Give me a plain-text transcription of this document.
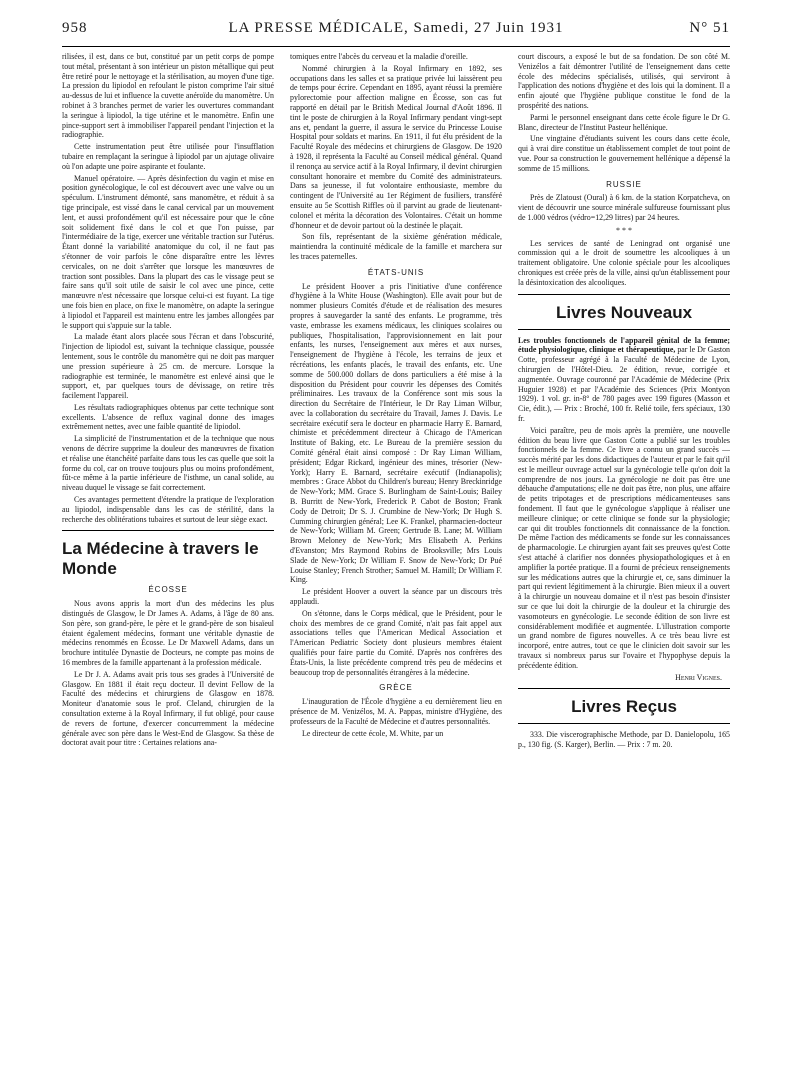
958	LA PRESSE MÉDICALE, Samedi, 27 Juin 1931	N° 51

rilisées, il est, dans ce but, constitué par un petit corps de pompe tout métal, présentant à son intérieur un piston métallique qui peut être retiré pour le nettoyage et la stérilisation, au moyen d'une tige. La pression du lipiodol en refoulant le piston comprime l'air situé au-dessus de lui et influence la cuvette anéroïde du manomètre. Un robinet à 3 branches permet de varier les ouvertures commandant la seringue à lipiodol, la tige utérine et le manomètre. Enfin une pince-support sert à immobiliser l'appareil pendant l'injection et la radiographie.

Cette instrumentation peut être utilisée pour l'insufflation tubaire en remplaçant la seringue à lipiodol par un ajutage olivaire où l'on adapte une poire aspirante et foulante.

Manuel opératoire. — Après désinfection du vagin et mise en position gynécologique, le col est découvert avec une valve ou un spéculum. L'instrument démonté, sans manomètre, et réduit à sa tige principale, est vissé dans le canal cervical par un mouvement lent, et aussi profondément qu'il est nécessaire pour que le cône soit solidement fixé dans le col et que l'on puisse, par l'intermédiaire de la tige, exercer une véritable traction sur l'utérus. Étant donné la variabilité anatomique du col, il ne faut pas s'étonner de voir parfois le cône disparaître entre les lèvres cervicales, on ne doit s'arrêter que lorsque les manœuvres de traction sont possibles. Dans la plupart des cas le vissage peut se faire sans qu'il soit utile de saisir le col avec une pince, cette manœuvre n'est nécessaire que lorsque celui-ci est fuyant. La tige une fois bien en place, on fixe le manomètre, on adapte la seringue à lipiodol et l'appareil est maintenu entre les jambes allongées par le support qui s'appuie sur la table.

La malade étant alors placée sous l'écran et dans l'obscurité, l'injection de lipiodol est, suivant la technique classique, poussée lentement, sous le contrôle du manomètre qui ne doit pas marquer une pression supérieure à 25 cm. de mercure. Lorsque la radiographie est terminée, le manomètre est enlevé ainsi que le support, et, par quelques tours de dévissage, on retire très facilement l'appareil.

Les résultats radiographiques obtenus par cette technique sont excellents. L'absence de reflux vaginal donne des images extrêmement nettes, avec une faible quantité de lipiodol.

La simplicité de l'instrumentation et de la technique que nous venons de décrire supprime la douleur des manœuvres de fixation et réalise une étanchéité parfaite dans tous les cas quelle que soit la forme du col, car on trouve toujours plus ou moins profondément, fût-ce même à la partie inférieure de l'isthme, un canal solide, au niveau duquel le vissage se fait correctement.

Ces avantages permettent d'étendre la pratique de l'exploration au lipiodol, indispensable dans les cas de stérilité, dans la recherche des oblitérations tubaires et surtout de leur siège exact.

La Médecine à travers le Monde
ÉCOSSE

Nous avons appris la mort d'un des médecins les plus distingués de Glasgow, le Dr James A. Adams, à l'âge de 80 ans. Son père, son grand-père, le père et le grand-père de son bisaïeul étaient également médecins, formant une véritable dynastie de médecins renommés en Écosse. Le Dr Maxwell Adams, dans un brochure intitulée Dynastie de Docteurs, ne compte pas moins de 16 membres de la famille appartenant à la profession médicale.

Le Dr J. A. Adams avait pris tous ses grades à l'Université de Glasgow. En 1881 il était reçu docteur. Il devint Fellow de la Faculté des médecins et chirurgiens de Glasgow en 1878. Moniteur d'anatomie sous le prof. Cleland, chirurgien de la consultation externe à la Royal Infirmary, il fut obligé, pour cause de revers de fortune, d'exercer concurremment la médecine générale avec son père dans le West-End de Glasgow. Sa thèse de doctorat avait pour titre : Certaines relations ana-

tomiques entre l'abcès du cerveau et la maladie d'oreille.

Nommé chirurgien à la Royal Infirmary en 1892, ses occupations dans les salles et sa pratique privée lui laissèrent peu de temps pour écrire. Cependant en 1895, ayant réussi la première pylorectomie pour affection maligne en Écosse, son cas fut rapporté en détail par le British Medical Journal d'Août 1896. Il tint le poste de chirurgien à la Royal Infirmary pendant vingt-sept ans et, pendant la guerre, il assura le service du Princesse Louise Hospital pour soldats et marins. En 1911, il fut élu président de la Faculté Royale des médecins et chirurgiens de Glasgow. De 1920 à 1928, il représenta la Faculté au Conseil médical général. Quand il renonça au service actif à la Royal Infirmary, il devint chirurgien consultant honoraire et membre du Comité des administrateurs. Dans sa jeunesse, il fut volontaire enthousiaste, membre du contingent de l'Université au 1er Régiment de fusiliers, transféré ensuite au 5e Scottish Riffles où il parvint au grade de lieutenant-colonel et mérita la décoration des Volontaires. C'était un homme d'honneur et de devoir partout où la destinée le plaçait.

Son fils, représentant de la sixième génération médicale, maintiendra la continuité médicale de la famille et marchera sur les traces paternelles.

ÉTATS-UNIS

Le président Hoover a pris l'initiative d'une conférence d'hygiène à la White House (Washington). Elle avait pour but de nommer plusieurs Comités d'étude et de réalisation des mesures propres à sauvegarder la santé des enfants. Le programme, très vaste, embrasse les examens médicaux, les cliniques scolaires ou publiques, l'hospitalisation, l'approvisionnement en lait pour enfants, les nurses, l'enseignement aux mères et aux nurses, l'enseignement de l'hygiène à l'école, les terrains de jeux et récréations, les enfants placés, le travail des enfants, etc. Une somme de 500.000 dollars de dons particuliers a été mise à la disposition du Président pour couvrir les dépenses des Comités préliminaires. Les travaux de la Conférence sont mis sous la direction du Secrétaire de l'Intérieur, le Dr Ray Liman Wilbur, avec la collaboration du secrétaire du Travail, James J. Davis. Le secrétaire exécutif sera le docteur en pharmacie Harry E. Barnard, chimiste et précédemment directeur à Chicago de l'American Institute of Baking, etc. Le Bureau de la première session du Comité général était ainsi composé : Dr Ray Liman William, président; Edgar Rickard, ingénieur des mines, trésorier (New-York); Harry E. Barnard, secrétaire exécutif (Indianapolis); membres : Grace Abbot du Children's bureau; Henry Breckinridge de New-York; MM. Grace S. Burlingham de Saint-Louis; Bailey B. Burritt de New-York, Frederick P. Cabot de Boston; Frank Cody de Detroit; Dr S. J. Crumbine de New-York; Dr Hugh S. Cumming chirurgien général; Lee K. Frankel, pharmacien-docteur de New-York; William M. Green; Gertrude B. Lane; M. William Brown Meloney de New-York; Mrs Elisabeth A. Perkins d'Evanston; Mrs Raymond Robins de Brooksville; Mrs Louis Slade de New-York; Dr William F. Snow de New-York; Dr Pué Louise Stanley; French Strother; Samuel M. Hamill; Dr William F. King.

Le président Hoover a ouvert la séance par un discours très applaudi.

On s'étonne, dans le Corps médical, que le Président, pour le choix des membres de ce grand Comité, n'ait pas fait appel aux associations telles que l'American Medical Association et l'American Pediatric Society dont plusieurs membres étaient qualifiés pour faire partie du Comité. D'après nos confrères des États-Unis, la liste précédente comprend très peu de médecins et beaucoup trop de personnalités étrangères à la médecine.

GRÈCE

L'inauguration de l'École d'hygiène a eu dernièrement lieu en présence de M. Venizélos, M. A. Pappas, ministre d'Hygiène, des professeurs de la Faculté de Médecine et d'autres personnalités.

Le directeur de cette école, M. White, par un

court discours, a exposé le but de sa fondation. De son côté M. Venizélos a fait démontrer l'utilité de l'enseignement dans cette école des médecins spécialisés, utilisés, qui serviront à l'application des notions d'hygiène et des lois qui la dominent. Il a enfin ajouté que l'hygiène publique constitue le fond de la prospérité des nations.

Parmi le personnel enseignant dans cette école figure le Dr G. Blanc, directeur de l'Institut Pasteur hellénique.

Une vingtaine d'étudiants suivent les cours dans cette école, qui à vrai dire constitue un établissement complet de tout point de vue. Pour sa construction le gouvernement hellénique a dépensé la somme de 15 millions.

RUSSIE

Près de Zlatoust (Oural) à 6 km. de la station Korpatcheva, on vient de découvrir une source minérale sulfureuse fournissant plus de 1.000 védros (védro=12,29 litres) par 24 heures.

* * *

Les services de santé de Leningrad ont organisé une commission qui a le droit de soumettre les alcooliques à un traitement obligatoire. Une colonie spéciale pour les alcooliques chroniques est créée près de la ville, ainsi qu'un établissement pour la désintoxication des alcooliques.

Livres Nouveaux

Les troubles fonctionnels de l'appareil génital de la femme; étude physiologique, clinique et thérapeutique, par le Dr Gaston Cotte, professeur agrégé à la Faculté de Médecine de Lyon, chirurgien de l'Hôtel-Dieu. 2e édition, revue, corrigée et augmentée. Ouvrage couronné par l'Académie de Médecine (Prix Huguier 1928) et par l'Académie des Sciences (Prix Montyon 1929). 1 vol. gr. in-8° de 780 pages avec 199 figures (Masson et Cie, édit.), — Prix : Broché, 100 fr. Relié toile, fers spéciaux, 130 fr.

Voici paraître, peu de mois après la première, une nouvelle édition du beau livre que Gaston Cotte a publié sur les troubles fonctionnels de la femme. Ce livre a connu un grand succès — succès mérité par les dons didactiques de l'auteur et par le fait qu'il est le meilleur ouvrage actuel sur la gynécologie telle qu'on doit la comprendre de nos jours. La gynécologie ne doit pas être une débauche d'amputations; elle ne doit pas être, non plus, une affaire de petits tripotages et de prescriptions médicamenteuses sans fondement. Il faut que le gynécologue s'applique à réaliser une meilleure clinique; or cette clinique se fonde sur la physiologie; car qui dit troubles fonctionnels dit connaissance de la fonction. De même l'action des médicaments se fonde sur les connaissances de pharmacologie. Le chirurgien ayant fait ses preuves qu'est Cotte s'est attaché à clarifier nos données physiopathologiques et à en amplifier la portée pratique. Il a fourni de précieux renseignements sur les médications autres que la chirurgie et, ce, sans diminuer la part qui revient légitimement à la chirurgie. Bien mieux il a ouvert à la chirurgie un nouveau domaine et il n'est pas besoin d'insister sur ce que lui doit la chirurgie de la douleur et la chirurgie des vasomoteurs en gynécologie. Le seconde édition de son livre est considérablement modifiée et augmentée. L'illustration comporte un grand nombre de figures nouvelles. A ce très beau livre est incorporé, entre autres, tout ce que le clinicien doit savoir sur les travaux si nombreux parus sur l'ovaire et l'hypophyse depuis la précédente édition.

Henri Vignes.
Livres Reçus

333. Die viscerographische Methode, par D. Danielopolu, 165 p., 130 fig. (S. Karger), Berlin. — Prix : 7 m. 20.
